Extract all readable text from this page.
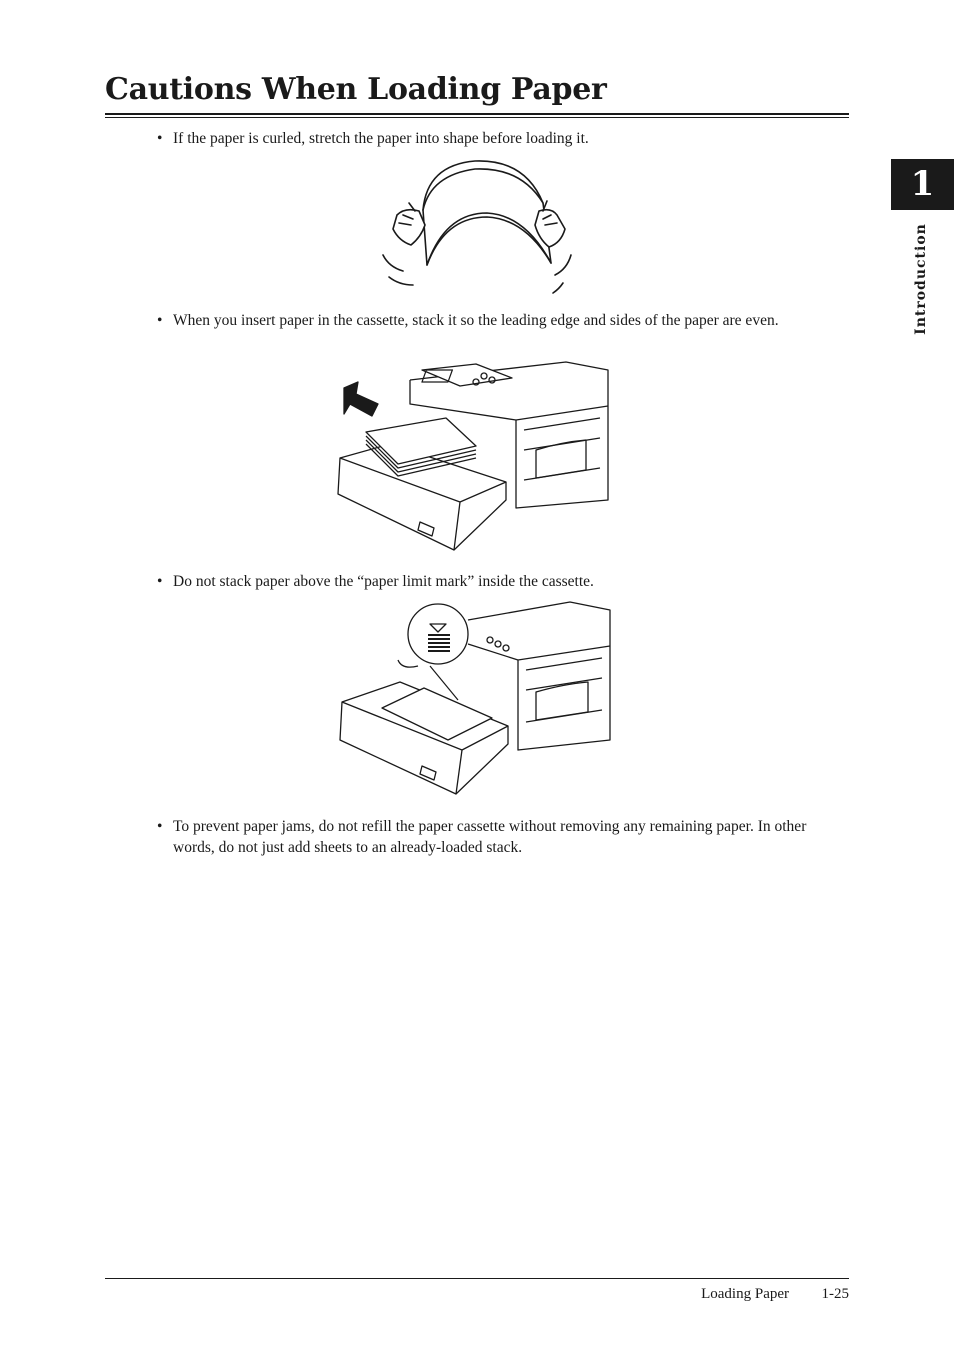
Cautions When Loading Paper
1
Introduction
• If the paper is curled, stretch the paper into shape before loading it.
• When you insert paper in the cassette, stack it so the leading edge and sides of the paper are even.
• Do not stack paper above the “paper limit mark” inside the cassette.
• To prevent paper jams, do not refill the paper cassette without removing any remaining paper. In other words, do not just add sheets to an already-loaded stack.
Loading Paper 1-25
